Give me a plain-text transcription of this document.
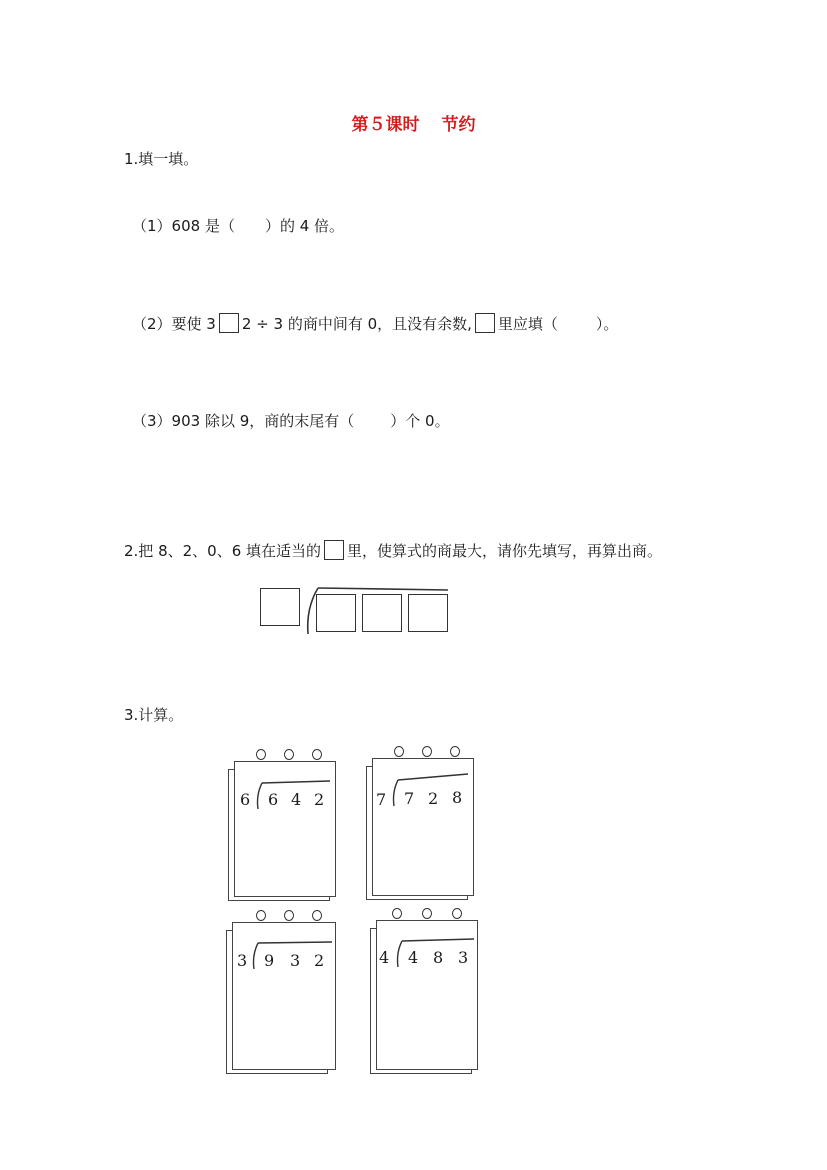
第５课时 节约
1.填一填。
（1）608 是（ ）的 4 倍。
（2）要使 3 2 ÷ 3 的商中间有 0，且没有余数, 里应填（	）。
（3）903 除以 9，商的末尾有（ ）个 0。
2.把 8、2、0、6 填在适当的 里，使算式的商最大，请你先填写，再算出商。
3.计算。
6 6 4 2	7 7 2 8
3 9 3 2	4 4 8 3
